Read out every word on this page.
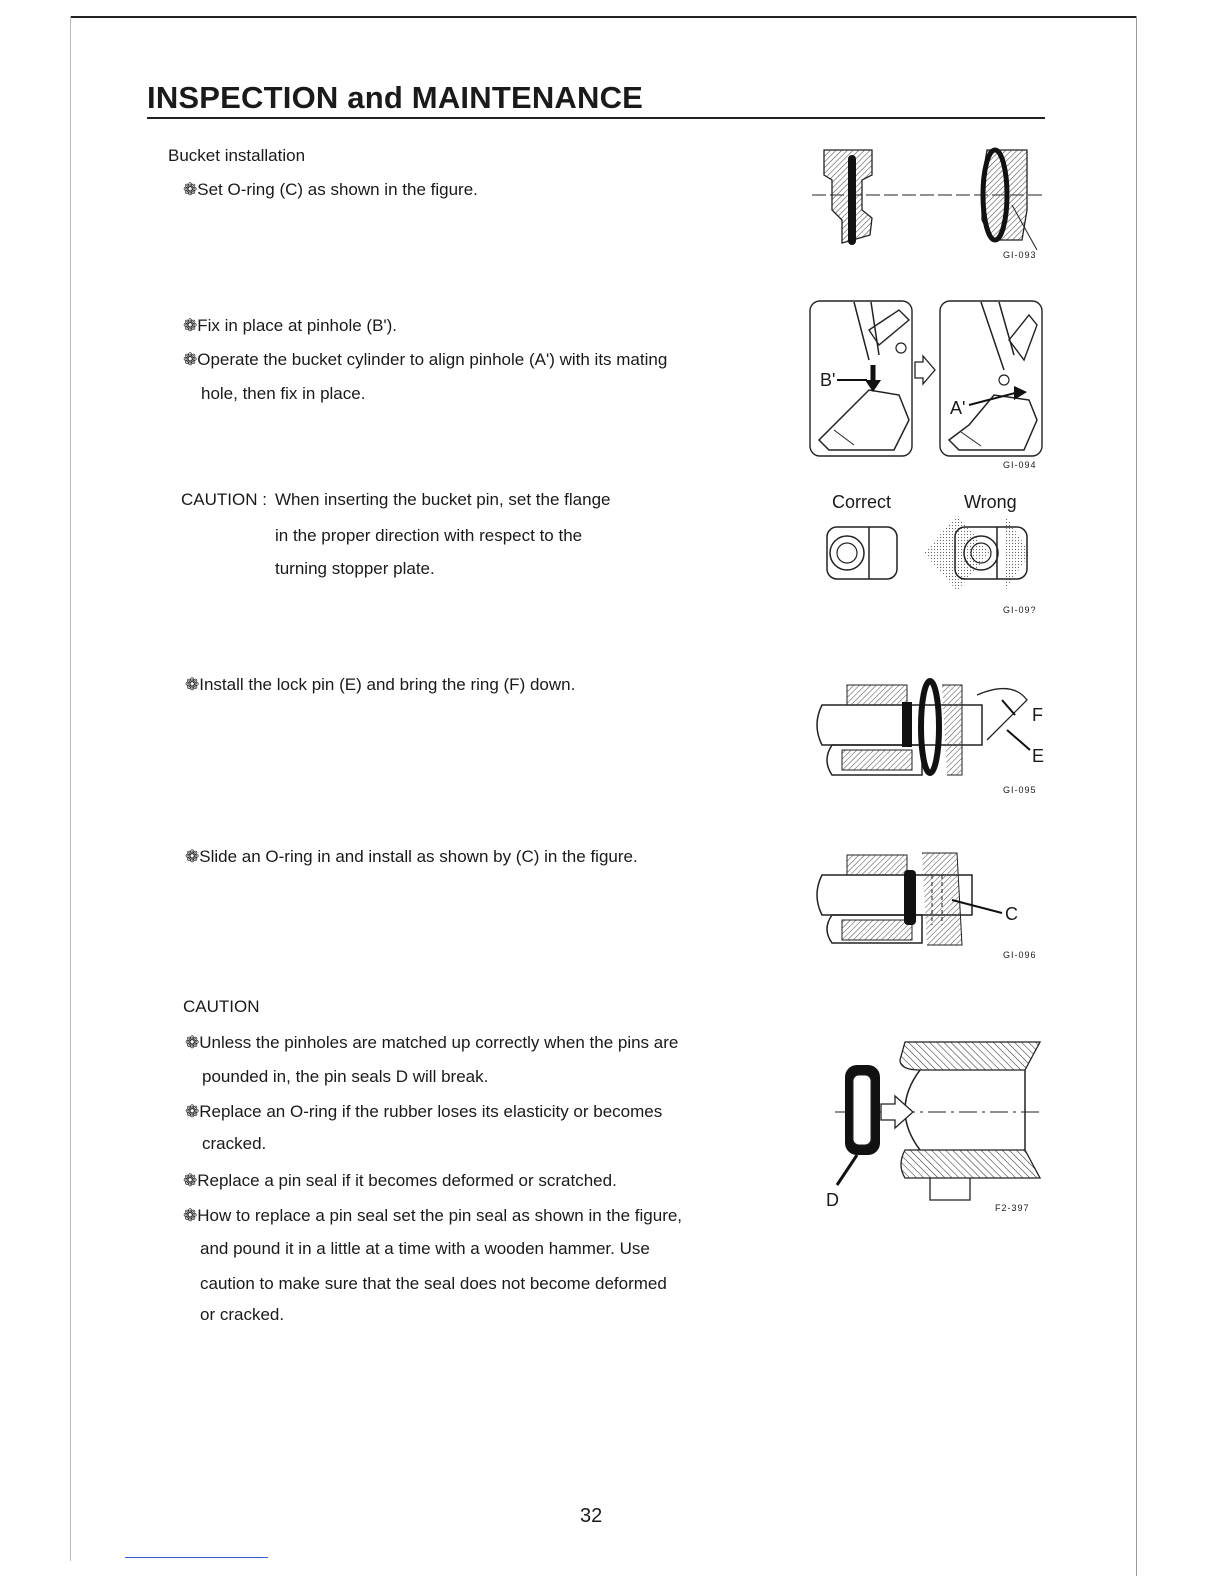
INSPECTION and MAINTENANCE
Bucket installation
❁Set O-ring (C) as shown in the figure.
❁Fix in place at pinhole (B').
❁Operate the bucket cylinder to align pinhole (A') with its mating
hole, then fix in place.
CAUTION : When inserting the bucket pin, set the flange
in the proper direction with respect to the
turning stopper plate.
❁Install the lock pin (E) and bring the ring (F) down.
❁Slide an O-ring in and install as shown by (C) in the figure.
CAUTION
❁Unless the pinholes are matched up correctly when the pins are
pounded in, the pin seals D will break.
❁Replace an O-ring if the rubber loses its elasticity or becomes
cracked.
❁Replace a pin seal if it becomes deformed or scratched.
❁How to replace a pin seal set the pin seal as shown in the figure,
and pound it in a little at a time with a wooden hammer. Use
caution to make sure that the seal does not become deformed
or cracked.
GI-093
B'
A'
GI-094
Correct	Wrong
GI-09?
F
E
GI-095
C
GI-096
D	F2-397
32
